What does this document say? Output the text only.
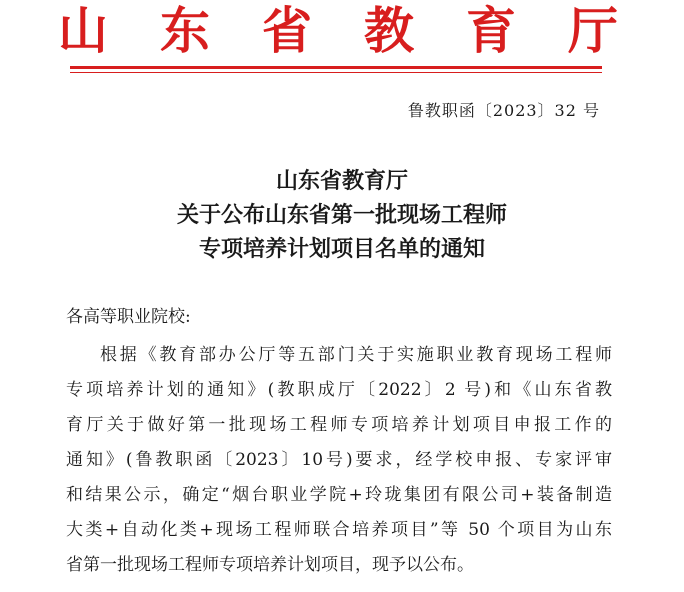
山 东 省 教 育 厅
鲁教职函〔2023〕32 号
山东省教育厅
关于公布山东省第一批现场工程师
专项培养计划项目名单的通知
各高等职业院校:
根据《教育部办公厅等五部门关于实施职业教育现场工程师
专项培养计划的通知》(教职成厅〔2022〕2 号)和《山东省教
育厅关于做好第一批现场工程师专项培养计划项目申报工作的
通知》(鲁教职函〔2023〕10号)要求，经学校申报、专家评审
和结果公示，确定“烟台职业学院+玲珑集团有限公司+装备制造
大类+自动化类+现场工程师联合培养项目”等 50 个项目为山东
省第一批现场工程师专项培养计划项目，现予以公布。
